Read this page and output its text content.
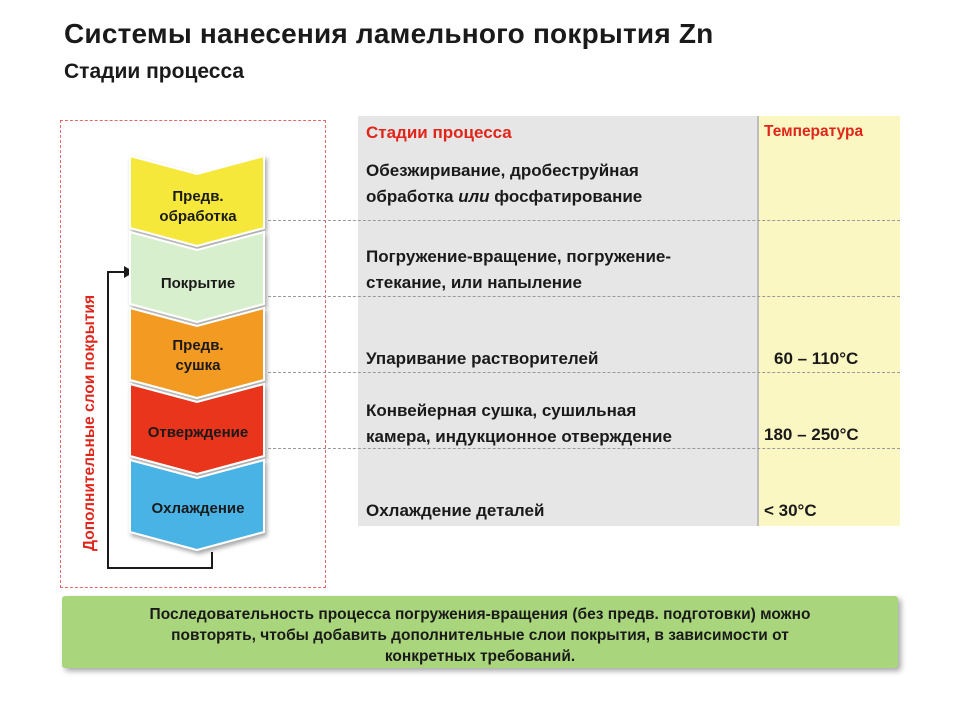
Системы нанесения ламельного покрытия Zn
Стадии процесса
Дополнительные слои покрытия
Предв.
обработка
Покрытие
Предв.
сушка
Отверждение
Охлаждение
Стадии процесса	Температура
Обезжиривание, дробеструйная
обработка или фосфатирование
Погружение-вращение, погружение-
стекание, или напыление
Упаривание растворителей
Конвейерная сушка, сушильная
камера, индукционное отверждение
Охлаждение деталей
60 – 110°C
180 – 250°C
< 30°C
Последовательность процесса погружения-вращения (без предв. подготовки) можно
повторять, чтобы добавить дополнительные слои покрытия, в зависимости от
конкретных требований.
